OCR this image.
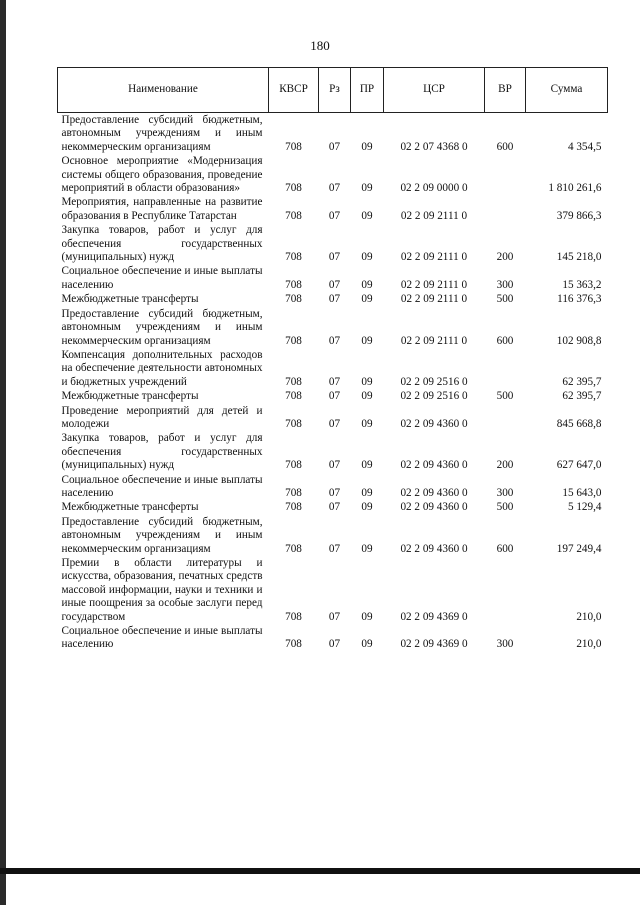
180
Наименование	КВСР	Рз	ПР	ЦСР	ВР	Сумма
Предоставление субсидий бюджетным, автономным учреждениям и иным некоммерческим организациям	708	07	09	02 2 07 4368 0	600	4 354,5
Основное мероприятие «Модернизация системы общего образования, проведение мероприятий в области образования»	708	07	09	02 2 09 0000 0		1 810 261,6
Мероприятия, направленные на развитие образования в Республике Татарстан	708	07	09	02 2 09 2111 0		379 866,3
Закупка товаров, работ и услуг для обеспечения государственных (муниципальных) нужд	708	07	09	02 2 09 2111 0	200	145 218,0
Социальное обеспечение и иные выплаты населению	708	07	09	02 2 09 2111 0	300	15 363,2
Межбюджетные трансферты	708	07	09	02 2 09 2111 0	500	116 376,3
Предоставление субсидий бюджетным, автономным учреждениям и иным некоммерческим организациям	708	07	09	02 2 09 2111 0	600	102 908,8
Компенсация дополнительных расходов на обеспечение деятельности автономных и бюджетных учреждений	708	07	09	02 2 09 2516 0		62 395,7
Межбюджетные трансферты	708	07	09	02 2 09 2516 0	500	62 395,7
Проведение мероприятий для детей и молодежи	708	07	09	02 2 09 4360 0		845 668,8
Закупка товаров, работ и услуг для обеспечения государственных (муниципальных) нужд	708	07	09	02 2 09 4360 0	200	627 647,0
Социальное обеспечение и иные выплаты населению	708	07	09	02 2 09 4360 0	300	15 643,0
Межбюджетные трансферты	708	07	09	02 2 09 4360 0	500	5 129,4
Предоставление субсидий бюджетным, автономным учреждениям и иным некоммерческим организациям	708	07	09	02 2 09 4360 0	600	197 249,4
Премии в области литературы и искусства, образования, печатных средств массовой информации, науки и техники и иные поощрения за особые заслуги перед государством	708	07	09	02 2 09 4369 0		210,0
Социальное обеспечение и иные выплаты населению	708	07	09	02 2 09 4369 0	300	210,0
